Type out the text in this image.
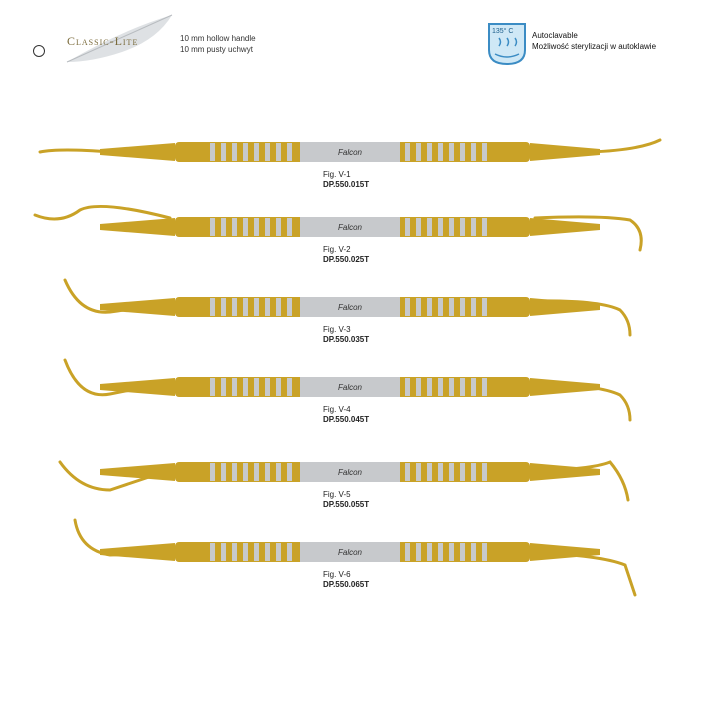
Classic-Lite	10 mm hollow handle
10 mm pusty uchwyt
135° C Autoclavable
Możliwość sterylizacji w autoklawie
Falcon
Fig. V-1
DP.550.015T
Falcon
Fig. V-2
DP.550.025T
Falcon
Fig. V-3
DP.550.035T
Falcon
Fig. V-4
DP.550.045T
Falcon
Fig. V-5
DP.550.055T
Falcon
Fig. V-6
DP.550.065T
